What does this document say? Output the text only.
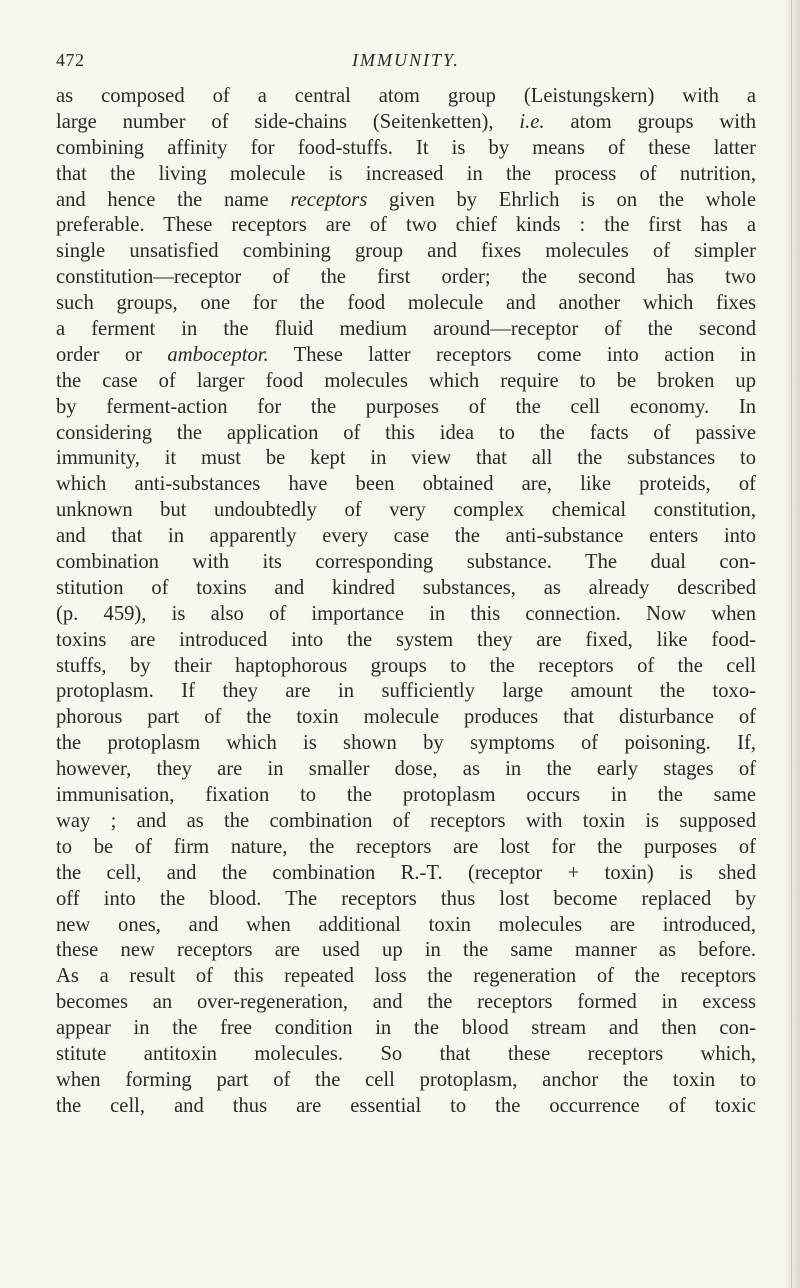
472	IMMUNITY.
as composed of a central atom group (Leistungskern) with a
large number of side-chains (Seitenketten), i.e. atom groups with
combining affinity for food-stuffs. It is by means of these latter
that the living molecule is increased in the process of nutrition,
and hence the name receptors given by Ehrlich is on the whole
preferable. These receptors are of two chief kinds : the first has a
single unsatisfied combining group and fixes molecules of simpler
constitution—receptor of the first order; the second has two
such groups, one for the food molecule and another which fixes
a ferment in the fluid medium around—receptor of the second
order or amboceptor. These latter receptors come into action in
the case of larger food molecules which require to be broken up
by ferment-action for the purposes of the cell economy. In
considering the application of this idea to the facts of passive
immunity, it must be kept in view that all the substances to
which anti-substances have been obtained are, like proteids, of
unknown but undoubtedly of very complex chemical constitution,
and that in apparently every case the anti-substance enters into
combination with its corresponding substance. The dual con-
stitution of toxins and kindred substances, as already described
(p. 459), is also of importance in this connection. Now when
toxins are introduced into the system they are fixed, like food-
stuffs, by their haptophorous groups to the receptors of the cell
protoplasm. If they are in sufficiently large amount the toxo-
phorous part of the toxin molecule produces that disturbance of
the protoplasm which is shown by symptoms of poisoning. If,
however, they are in smaller dose, as in the early stages of
immunisation, fixation to the protoplasm occurs in the same
way ; and as the combination of receptors with toxin is supposed
to be of firm nature, the receptors are lost for the purposes of
the cell, and the combination R.-T. (receptor + toxin) is shed
off into the blood. The receptors thus lost become replaced by
new ones, and when additional toxin molecules are introduced,
these new receptors are used up in the same manner as before.
As a result of this repeated loss the regeneration of the receptors
becomes an over-regeneration, and the receptors formed in excess
appear in the free condition in the blood stream and then con-
stitute antitoxin molecules. So that these receptors which,
when forming part of the cell protoplasm, anchor the toxin to
the cell, and thus are essential to the occurrence of toxic
